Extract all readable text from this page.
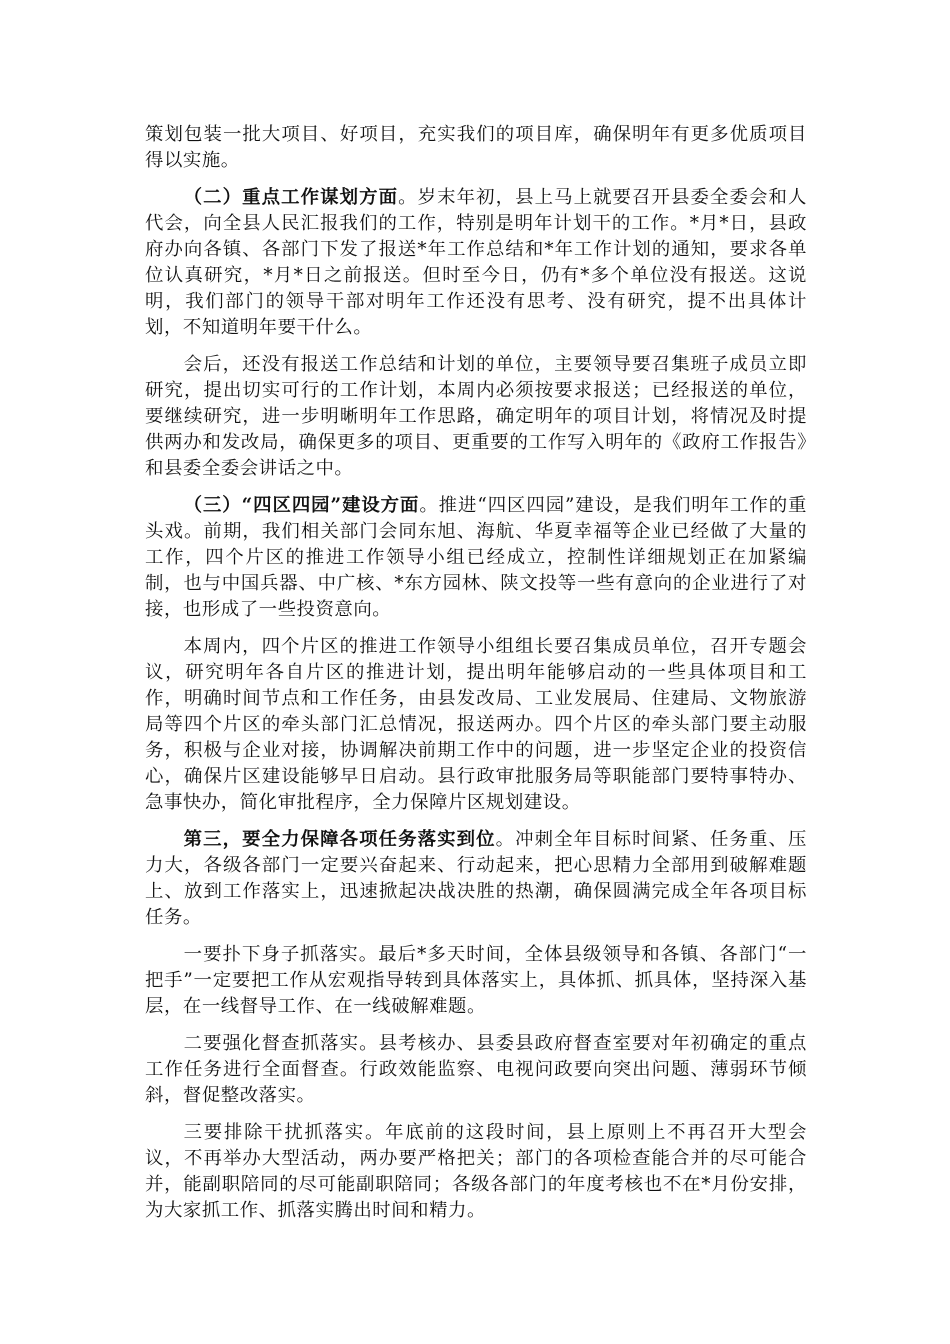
策划包装一批大项目、好项目，充实我们的项目库，确保明年有更多优质项目得以实施。

（二）重点工作谋划方面。岁末年初，县上马上就要召开县委全委会和人代会，向全县人民汇报我们的工作，特别是明年计划干的工作。*月*日，县政府办向各镇、各部门下发了报送*年工作总结和*年工作计划的通知，要求各单位认真研究，*月*日之前报送。但时至今日，仍有*多个单位没有报送。这说明，我们部门的领导干部对明年工作还没有思考、没有研究，提不出具体计划，不知道明年要干什么。

会后，还没有报送工作总结和计划的单位，主要领导要召集班子成员立即研究，提出切实可行的工作计划，本周内必须按要求报送；已经报送的单位，要继续研究，进一步明晰明年工作思路，确定明年的项目计划，将情况及时提供两办和发改局，确保更多的项目、更重要的工作写入明年的《政府工作报告》和县委全委会讲话之中。

（三）“四区四园”建设方面。推进“四区四园”建设，是我们明年工作的重头戏。前期，我们相关部门会同东旭、海航、华夏幸福等企业已经做了大量的工作，四个片区的推进工作领导小组已经成立，控制性详细规划正在加紧编制，也与中国兵器、中广核、*东方园林、陕文投等一些有意向的企业进行了对接，也形成了一些投资意向。

本周内，四个片区的推进工作领导小组组长要召集成员单位，召开专题会议，研究明年各自片区的推进计划，提出明年能够启动的一些具体项目和工作，明确时间节点和工作任务，由县发改局、工业发展局、住建局、文物旅游局等四个片区的牵头部门汇总情况，报送两办。四个片区的牵头部门要主动服务，积极与企业对接，协调解决前期工作中的问题，进一步坚定企业的投资信心，确保片区建设能够早日启动。县行政审批服务局等职能部门要特事特办、急事快办，简化审批程序，全力保障片区规划建设。

第三，要全力保障各项任务落实到位。冲刺全年目标时间紧、任务重、压力大，各级各部门一定要兴奋起来、行动起来，把心思精力全部用到破解难题上、放到工作落实上，迅速掀起决战决胜的热潮，确保圆满完成全年各项目标任务。

一要扑下身子抓落实。最后*多天时间，全体县级领导和各镇、各部门“一把手”一定要把工作从宏观指导转到具体落实上，具体抓、抓具体，坚持深入基层，在一线督导工作、在一线破解难题。

二要强化督查抓落实。县考核办、县委县政府督查室要对年初确定的重点工作任务进行全面督查。行政效能监察、电视问政要向突出问题、薄弱环节倾斜，督促整改落实。

三要排除干扰抓落实。年底前的这段时间，县上原则上不再召开大型会议，不再举办大型活动，两办要严格把关；部门的各项检查能合并的尽可能合并，能副职陪同的尽可能副职陪同；各级各部门的年度考核也不在*月份安排，为大家抓工作、抓落实腾出时间和精力。
